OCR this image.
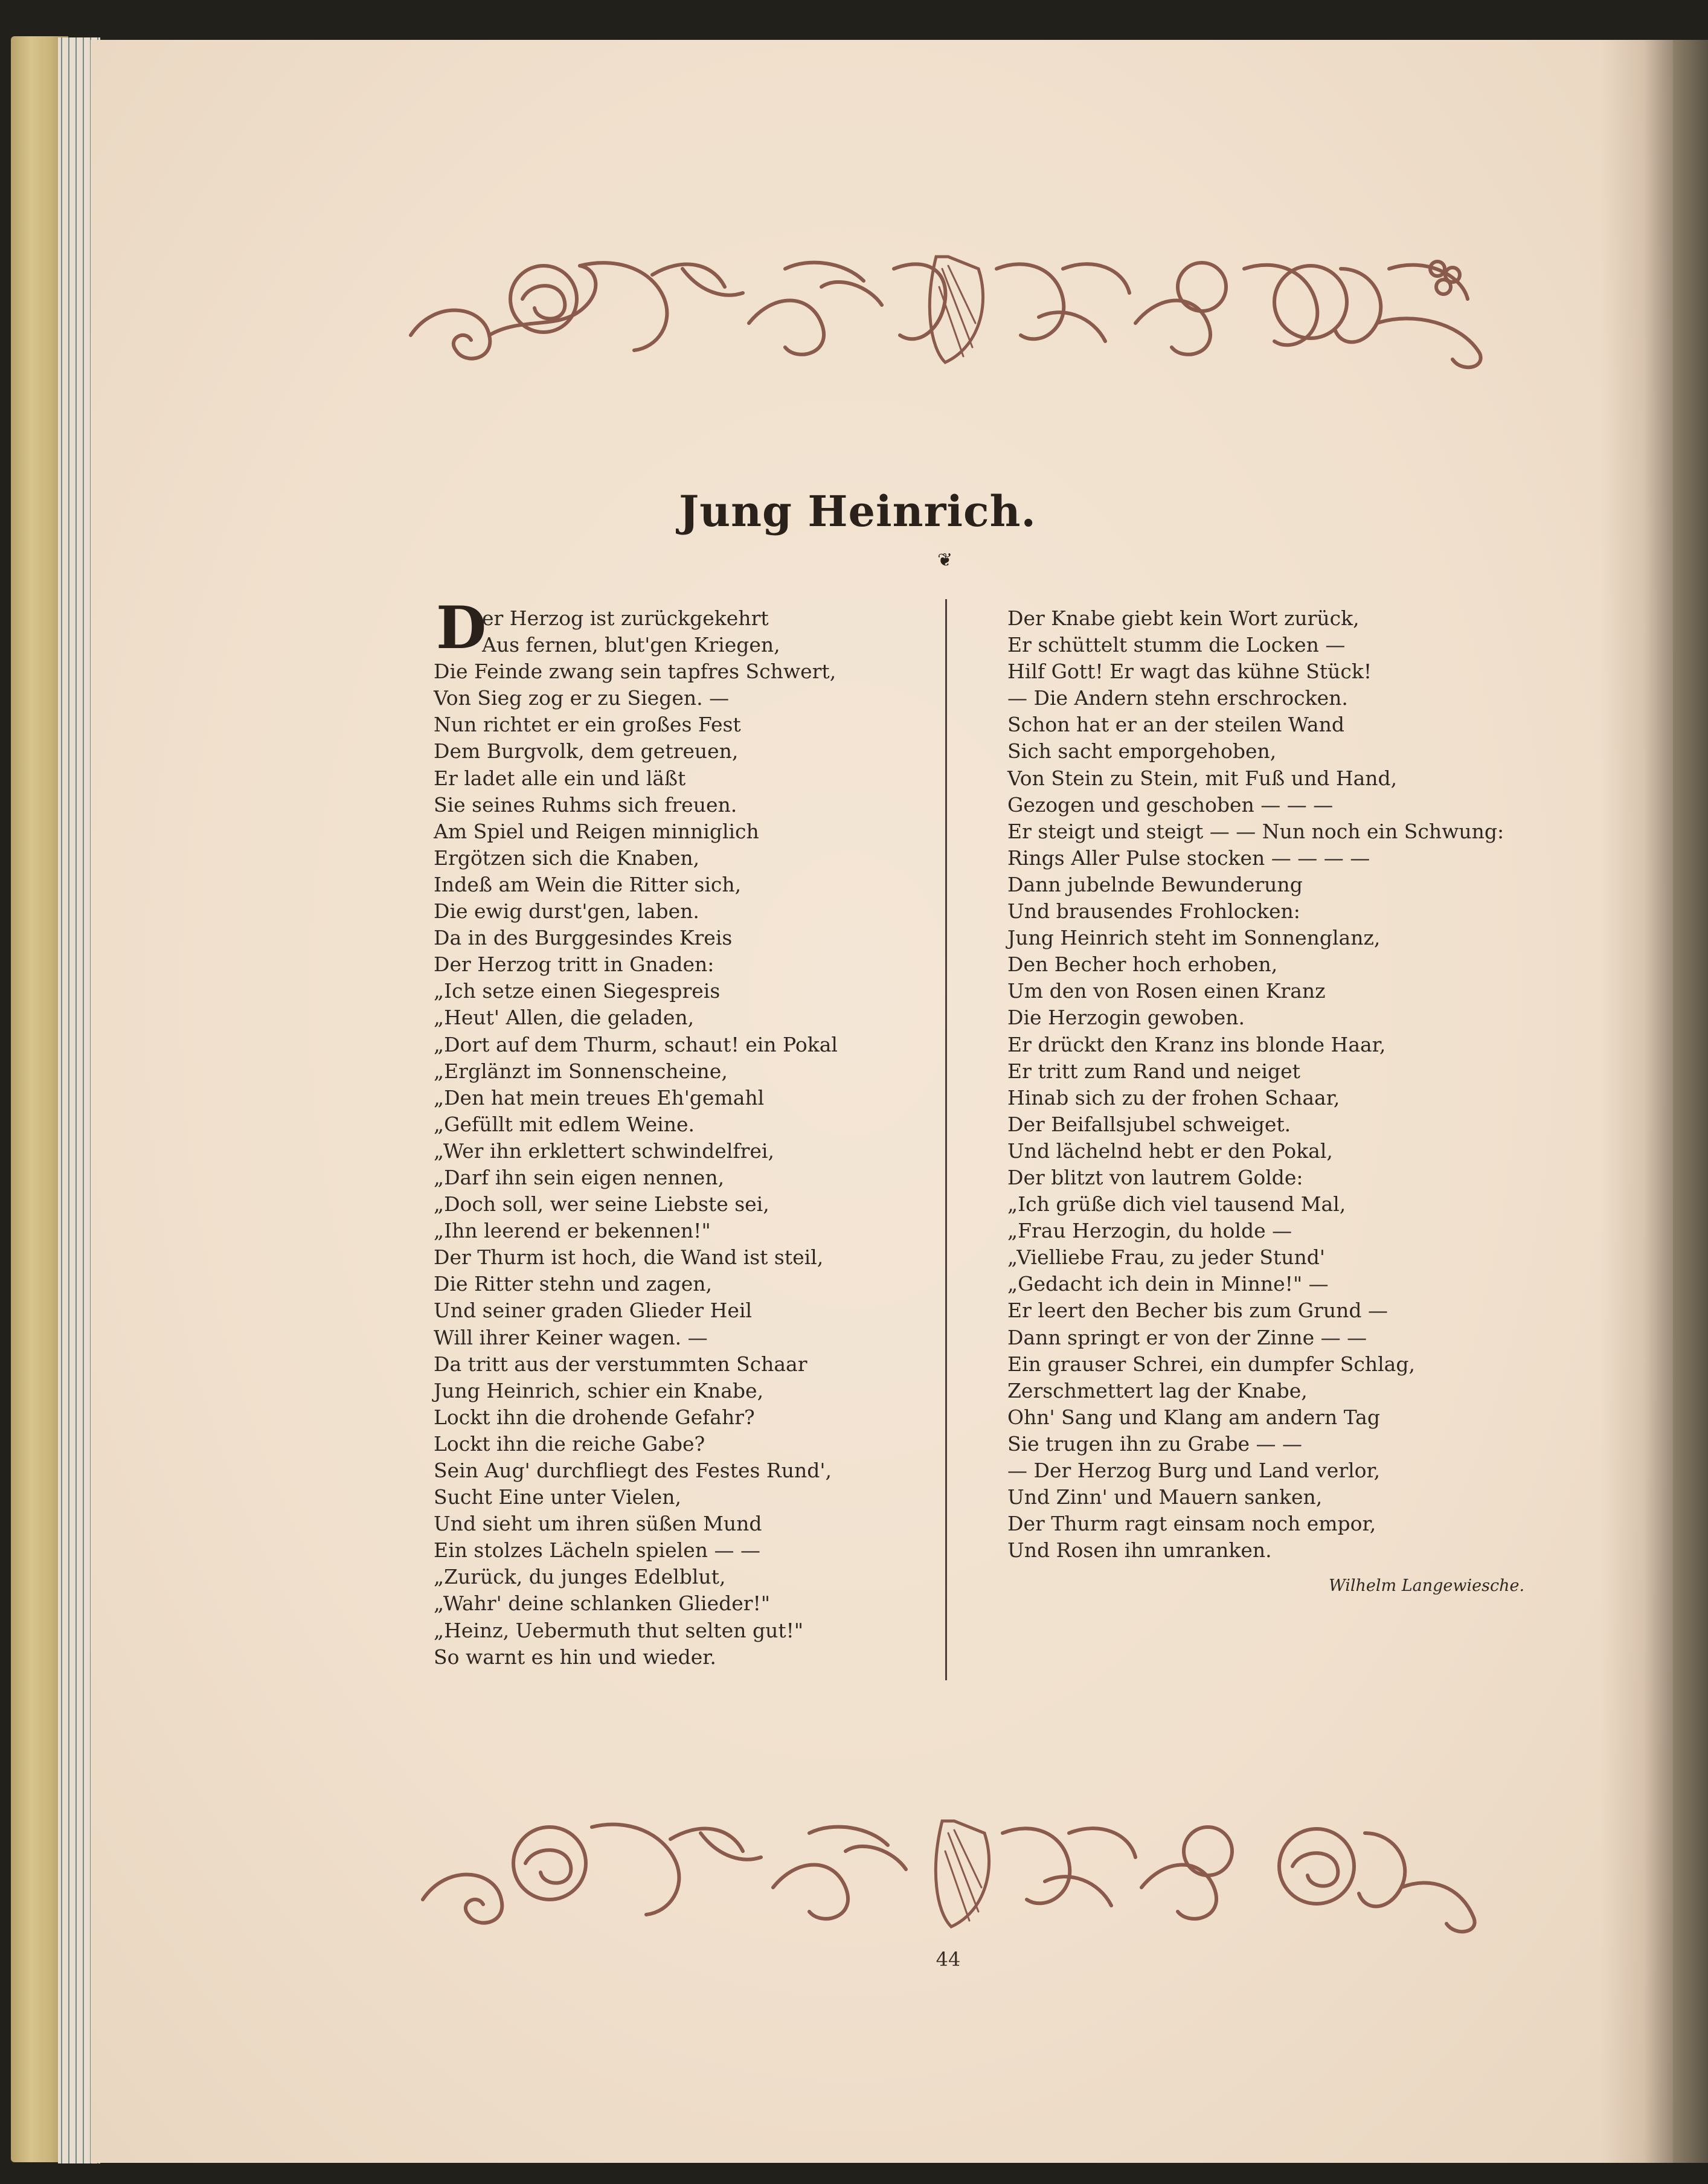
Jung Heinrich.
❦
D
er Herzog ist zurückgekehrt
Aus fernen, blut'gen Kriegen,
Die Feinde zwang sein tapfres Schwert,
Von Sieg zog er zu Siegen. —
Nun richtet er ein großes Fest
Dem Burgvolk, dem getreuen,
Er ladet alle ein und läßt
Sie seines Ruhms sich freuen.
Am Spiel und Reigen minniglich
Ergötzen sich die Knaben,
Indeß am Wein die Ritter sich,
Die ewig durst'gen, laben.
Da in des Burggesindes Kreis
Der Herzog tritt in Gnaden:
„Ich setze einen Siegespreis
„Heut' Allen, die geladen,
„Dort auf dem Thurm, schaut! ein Pokal
„Erglänzt im Sonnenscheine,
„Den hat mein treues Eh'gemahl
„Gefüllt mit edlem Weine.
„Wer ihn erklettert schwindelfrei,
„Darf ihn sein eigen nennen,
„Doch soll, wer seine Liebste sei,
„Ihn leerend er bekennen!"
Der Thurm ist hoch, die Wand ist steil,
Die Ritter stehn und zagen,
Und seiner graden Glieder Heil
Will ihrer Keiner wagen. —
Da tritt aus der verstummten Schaar
Jung Heinrich, schier ein Knabe,
Lockt ihn die drohende Gefahr?
Lockt ihn die reiche Gabe?
Sein Aug' durchfliegt des Festes Rund',
Sucht Eine unter Vielen,
Und sieht um ihren süßen Mund
Ein stolzes Lächeln spielen — —
„Zurück, du junges Edelblut,
„Wahr' deine schlanken Glieder!"
„Heinz, Uebermuth thut selten gut!"
So warnt es hin und wieder.
Der Knabe giebt kein Wort zurück,
Er schüttelt stumm die Locken —
Hilf Gott! Er wagt das kühne Stück!
— Die Andern stehn erschrocken.
Schon hat er an der steilen Wand
Sich sacht emporgehoben,
Von Stein zu Stein, mit Fuß und Hand,
Gezogen und geschoben — — —
Er steigt und steigt — — Nun noch ein Schwung:
Rings Aller Pulse stocken — — — —
Dann jubelnde Bewunderung
Und brausendes Frohlocken:
Jung Heinrich steht im Sonnenglanz,
Den Becher hoch erhoben,
Um den von Rosen einen Kranz
Die Herzogin gewoben.
Er drückt den Kranz ins blonde Haar,
Er tritt zum Rand und neiget
Hinab sich zu der frohen Schaar,
Der Beifallsjubel schweiget.
Und lächelnd hebt er den Pokal,
Der blitzt von lautrem Golde:
„Ich grüße dich viel tausend Mal,
„Frau Herzogin, du holde —
„Vielliebe Frau, zu jeder Stund'
„Gedacht ich dein in Minne!" —
Er leert den Becher bis zum Grund —
Dann springt er von der Zinne — —
Ein grauser Schrei, ein dumpfer Schlag,
Zerschmettert lag der Knabe,
Ohn' Sang und Klang am andern Tag
Sie trugen ihn zu Grabe — —
— Der Herzog Burg und Land verlor,
Und Zinn' und Mauern sanken,
Der Thurm ragt einsam noch empor,
Und Rosen ihn umranken.
Wilhelm Langewiesche.
44
